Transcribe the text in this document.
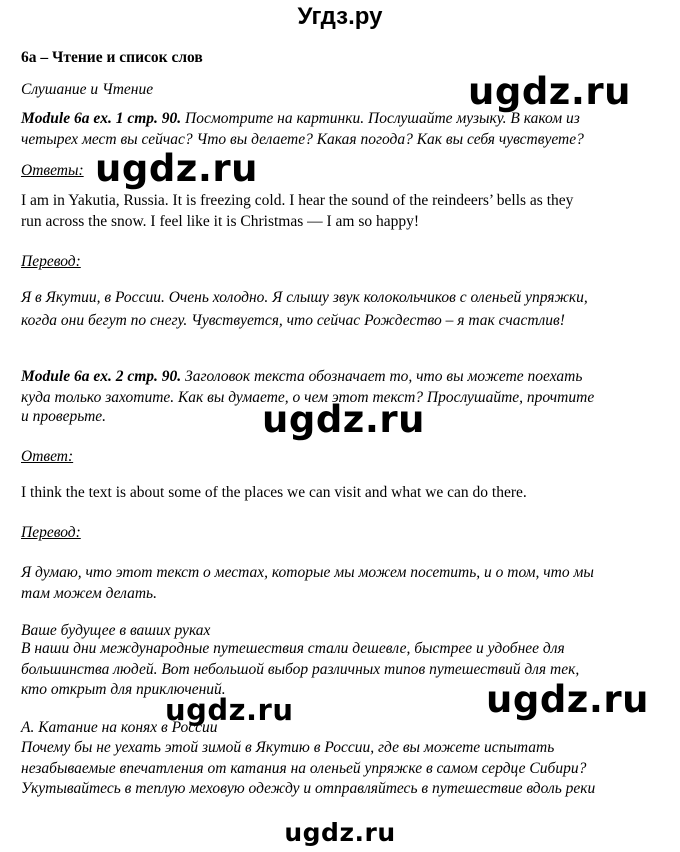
Угдз.ру
6a – Чтение и список слов
Слушание и Чтение
Module 6a ex. 1 стр. 90. Посмотрите на картинки. Послушайте музыку. В каком из
четырех мест вы сейчас? Что вы делаете? Какая погода? Как вы себя чувствуете?
Ответы:
I am in Yakutia, Russia. It is freezing cold. I hear the sound of the reindeers’ bells as they
run across the snow. I feel like it is Christmas — I am so happy!
Перевод:
Я в Якутии, в России. Очень холодно. Я слышу звук колокольчиков с оленьей упряжки,
когда они бегут по снегу. Чувствуется, что сейчас Рождество – я так счастлив!
Module 6a ex. 2 стр. 90. Заголовок текста обозначает то, что вы можете поехать
куда только захотите. Как вы думаете, о чем этот текст? Прослушайте, прочтите
и проверьте.
Ответ:
I think the text is about some of the places we can visit and what we can do there.
Перевод:
Я думаю, что этот текст о местах, которые мы можем посетить, и о том, что мы
там можем делать.
Ваше будущее в ваших руках
В наши дни международные путешествия стали дешевле, быстрее и удобнее для
большинства людей. Вот небольшой выбор различных типов путешествий для тек,
кто открыт для приключений.
A. Катание на конях в России
Почему бы не уехать этой зимой в Якутию в России, где вы можете испытать
незабываемые впечатления от катания на оленьей упряжке в самом сердце Сибири?
Укутывайтесь в теплую меховую одежду и отправляйтесь в путешествие вдоль реки
ugdz.ru
ugdz.ru
ugdz.ru
ugdz.ru
ugdz.ru
ugdz.ru
